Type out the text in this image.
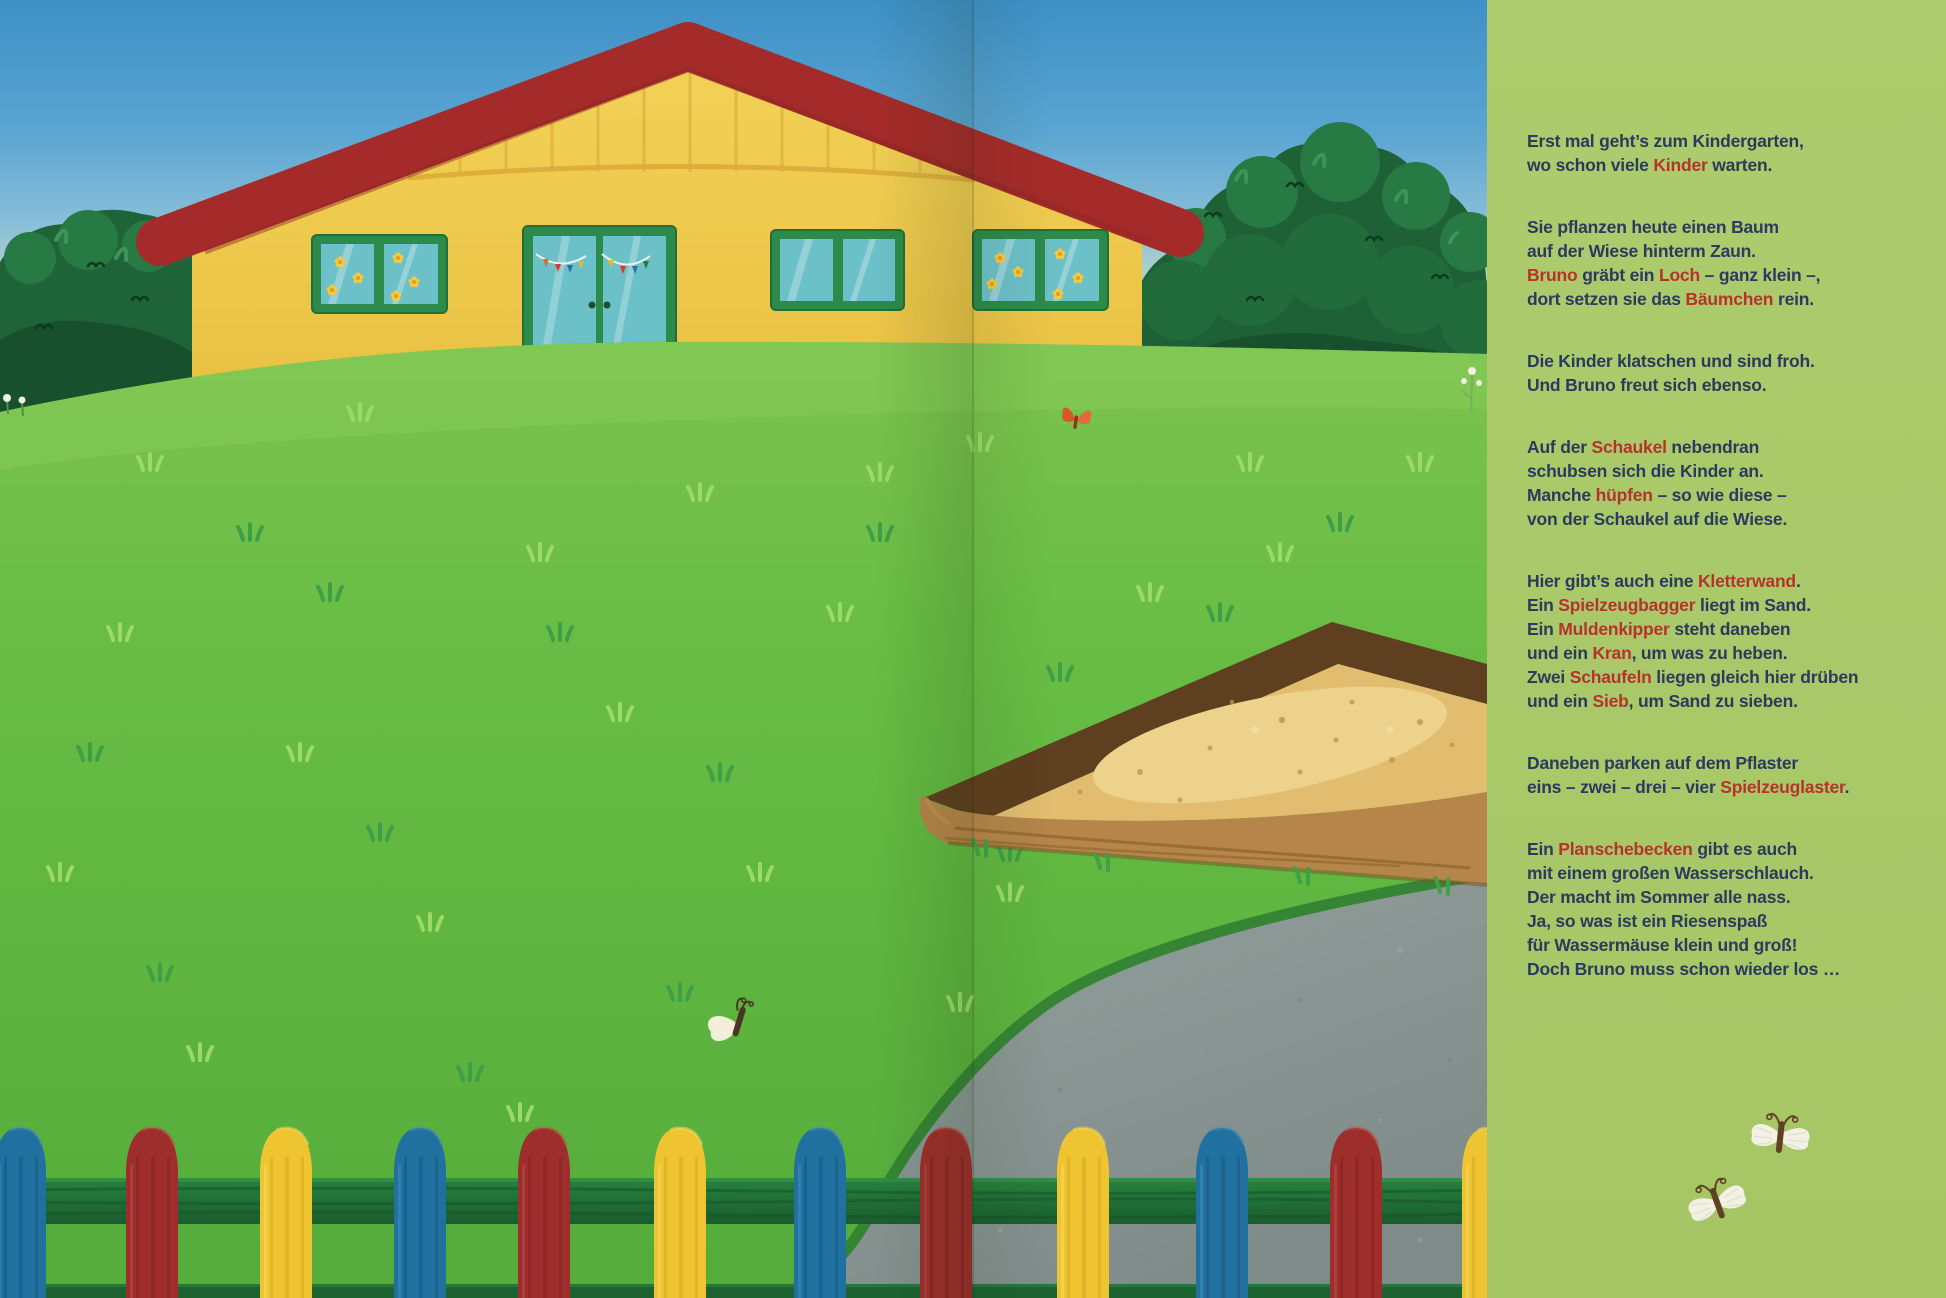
Erst mal geht’s zum Kindergarten,
wo schon viele Kinder warten.

Sie pflanzen heute einen Baum
auf der Wiese hinterm Zaun.
Bruno gräbt ein Loch – ganz klein –,
dort setzen sie das Bäumchen rein.

Die Kinder klatschen und sind froh.
Und Bruno freut sich ebenso.

Auf der Schaukel nebendran
schubsen sich die Kinder an.
Manche hüpfen – so wie diese –
von der Schaukel auf die Wiese.

Hier gibt’s auch eine Kletterwand.
Ein Spielzeugbagger liegt im Sand.
Ein Muldenkipper steht daneben
und ein Kran, um was zu heben.
Zwei Schaufeln liegen gleich hier drüben
und ein Sieb, um Sand zu sieben.

Daneben parken auf dem Pflaster
eins – zwei – drei – vier Spielzeuglaster.

Ein Planschebecken gibt es auch
mit einem großen Wasserschlauch.
Der macht im Sommer alle nass.
Ja, so was ist ein Riesenspaß
für Wassermäuse klein und groß!
Doch Bruno muss schon wieder los …
